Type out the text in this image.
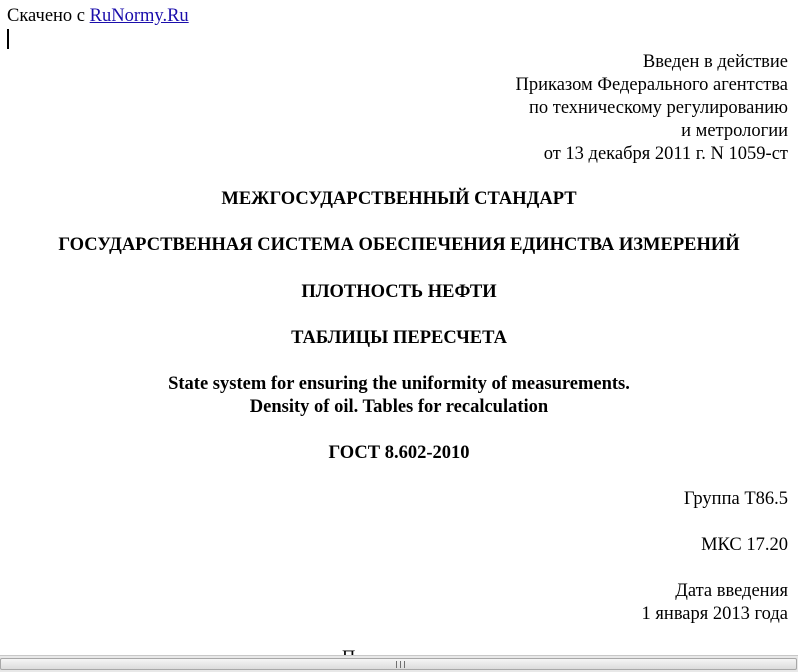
Скачено с RuNormy.Ru
Введен в действие
Приказом Федерального агентства
по техническому регулированию
и метрологии
от 13 декабря 2011 г. N 1059-ст
МЕЖГОСУДАРСТВЕННЫЙ СТАНДАРТ
ГОСУДАРСТВЕННАЯ СИСТЕМА ОБЕСПЕЧЕНИЯ ЕДИНСТВА ИЗМЕРЕНИЙ
ПЛОТНОСТЬ НЕФТИ
ТАБЛИЦЫ ПЕРЕСЧЕТА
State system for ensuring the uniformity of measurements.
Density of oil. Tables for recalculation
ГОСТ 8.602-2010
Группа Т86.5
МКС 17.20
Дата введения
1 января 2013 года
